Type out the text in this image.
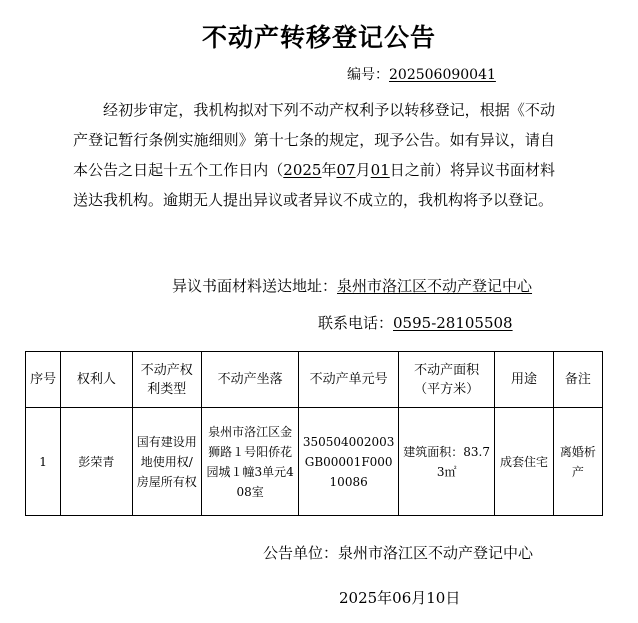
不动产转移登记公告
编号：202506090041

经初步审定，我机构拟对下列不动产权利予以转移登记，根据《不动产登记暂行条例实施细则》第十七条的规定，现予公告。如有异议，请自本公告之日起十五个工作日内（2025年07月01日之前）将异议书面材料送达我机构。逾期无人提出异议或者异议不成立的，我机构将予以登记。

异议书面材料送达地址：泉州市洛江区不动产登记中心
联系电话：0595-28105508
序号	权利人	不动产权利类型	不动产坐落	不动产单元号	不动产面积（平方米）	用途	备注
1	彭荣青	国有建设用地使用权/房屋所有权	泉州市洛江区金狮路１号阳侨花园城１幢3单元408室	350504002003GB00001F00010086	建筑面积：83.73㎡	成套住宅	离婚析产
公告单位：泉州市洛江区不动产登记中心
2025年06月10日
